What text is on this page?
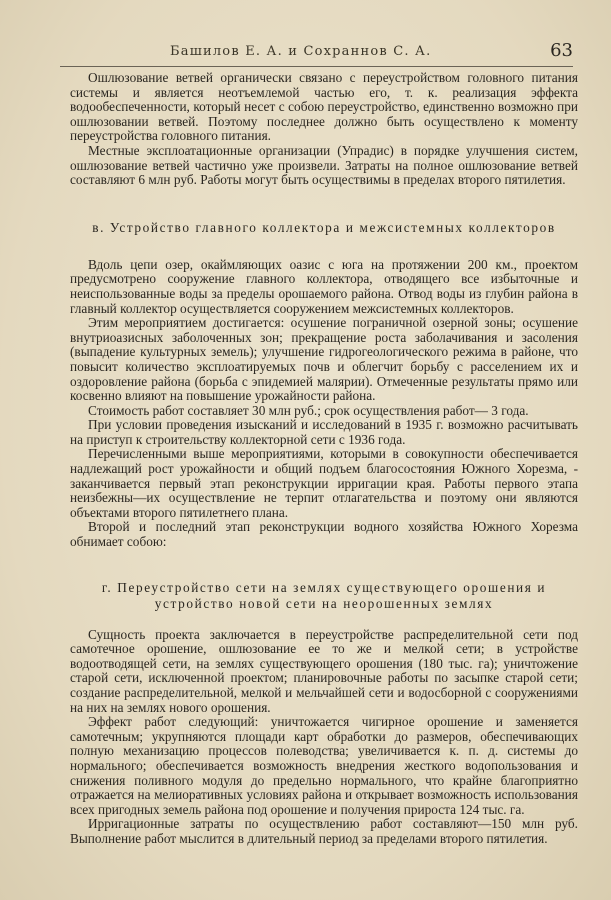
Башилов Е. А. и Сохраннов С. А.	63

Ошлюзование ветвей органически связано с переустройством головного питания системы и является неотъемлемой частью его, т. к. реализация эффекта водообеспеченности, который несет с собою переустройство, единственно возможно при ошлюзовании ветвей. Поэтому последнее должно быть осуществлено к моменту переустройства головного питания.

Местные эксплоатационные организации (Упрадис) в порядке улучшения систем, ошлюзование ветвей частично уже произвели. Затраты на полное ошлюзование ветвей составляют 6 млн руб. Работы могут быть осуществимы в пределах второго пятилетия.

в. Устройство главного коллектора и межсистемных коллекторов

Вдоль цепи озер, окаймляющих оазис с юга на протяжении 200 км., проектом предусмотрено сооружение главного коллектора, отводящего все избыточные и неиспользованные воды за пределы орошаемого района. Отвод воды из глубин района в главный коллектор осуществляется сооружением межсистемных коллекторов.

Этим мероприятием достигается: осушение пограничной озерной зоны; осушение внутриоазисных заболоченных зон; прекращение роста заболачивания и засоления (выпадение культурных земель); улучшение гидрогеологического режима в районе, что повысит количество эксплоатируемых почв и облегчит борьбу с расселением их и оздоровление района (борьба с эпидемией малярии). Отмеченные результаты прямо или косвенно влияют на повышение урожайности района.

Стоимость работ составляет 30 млн руб.; срок осуществления работ— 3 года.

При условии проведения изысканий и иcследований в 1935 г. возможно расчитывать на приступ к строительству коллекторной сети с 1936 года.

Перечисленными выше мероприятиями, которыми в совокупности обеспечивается надлежащий рост урожайности и общий подъем благосостояния Южного Хорезма, - заканчивается первый этап реконструкции ирригации края. Работы первого этапа неизбежны—их осуществление не терпит отлагательства и поэтому они являются объектами второго пятилетнего плана.

Второй и последний этап реконструкции водного хозяйства Южного Хорезма обнимает собою:

г. Переустройство сети на землях существующего орошения и устройство новой сети на неорошенных землях

Сущность проекта заключается в переустройстве распределительной сети под самотечное орошение, ошлюзование ее то же и мелкой сети; в устройстве водоотводящей сети, на землях существующего орошения (180 тыс. га); уничтожение старой сети, исключенной проектом; планировочные работы по засыпке старой сети; создание распределительной, мелкой и мельчайшей сети и водосборной с сооружениями на них на землях нового орошения.

Эффект работ следующий: уничтожается чигирное орошение и заменяется самотечным; укрупняются площади карт обработки до размеров, обеспечивающих полную механизацию процессов полеводства; увеличивается к. п. д. системы до нормального; обеспечивается возможность внедрения жесткого водопользования и снижения поливного модуля до предельно нормального, что крайне благоприятно отражается на мелиоративных условиях района и открывает возможность использования всех пригодных земель района под орошение и получения прироста 124 тыс. га.

Ирригационные затраты по осуществлению работ составляют—150 млн руб. Выполнение работ мыслится в длительный период за пределами второго пятилетия.
